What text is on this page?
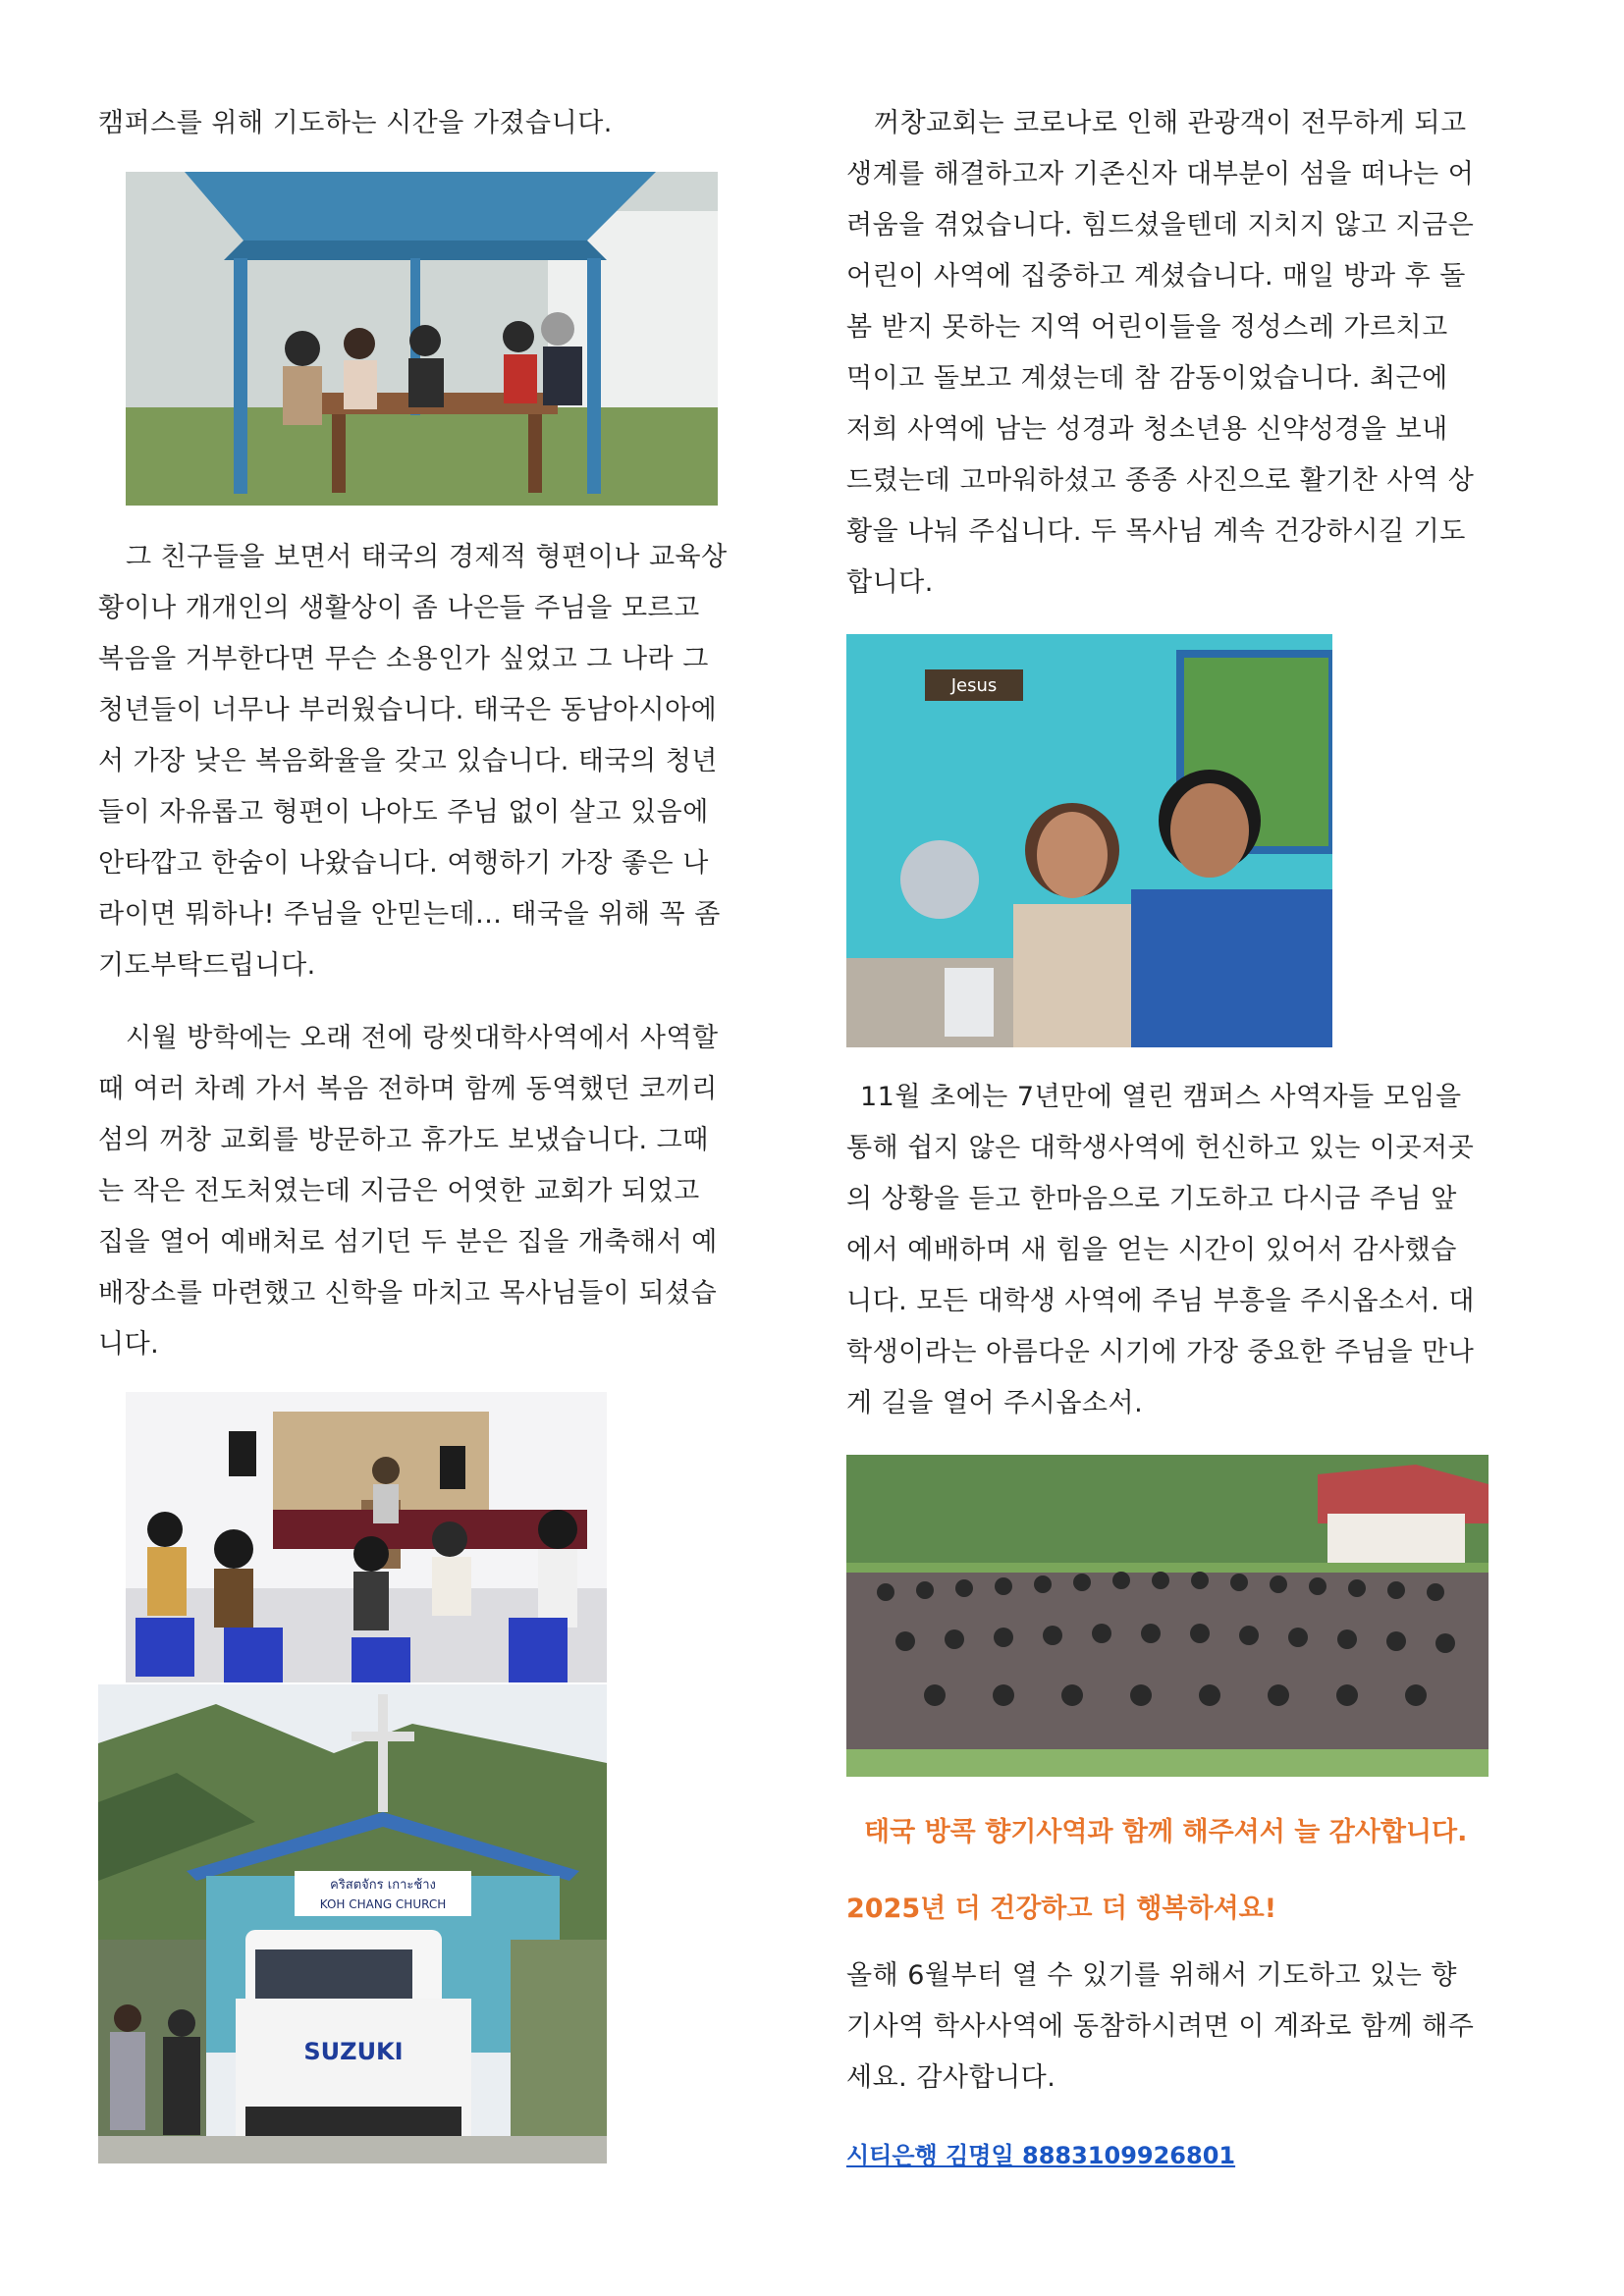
캠퍼스를 위해 기도하는 시간을 가졌습니다.
그 친구들을 보면서 태국의 경제적 형편이나 교육상
황이나 개개인의 생활상이 좀 나은들 주님을 모르고
복음을 거부한다면 무슨 소용인가 싶었고 그 나라 그
청년들이 너무나 부러웠습니다. 태국은 동남아시아에
서 가장 낮은 복음화율을 갖고 있습니다. 태국의 청년
들이 자유롭고 형편이 나아도 주님 없이 살고 있음에
안타깝고 한숨이 나왔습니다. 여행하기 가장 좋은 나
라이면 뭐하나! 주님을 안믿는데... 태국을 위해 꼭 좀
기도부탁드립니다.
시월 방학에는 오래 전에 랑씻대학사역에서 사역할
때 여러 차례 가서 복음 전하며 함께 동역했던 코끼리
섬의 꺼창 교회를 방문하고 휴가도 보냈습니다. 그때
는 작은 전도처였는데 지금은 어엿한 교회가 되었고
집을 열어 예배처로 섬기던 두 분은 집을 개축해서 예
배장소를 마련했고 신학을 마치고 목사님들이 되셨습
니다.
คริสตจักร เกาะช้าง
KOH CHANG CHURCH
SUZUKI
꺼창교회는 코로나로 인해 관광객이 전무하게 되고
생계를 해결하고자 기존신자 대부분이 섬을 떠나는 어
려움을 겪었습니다. 힘드셨을텐데 지치지 않고 지금은
어린이 사역에 집중하고 계셨습니다. 매일 방과 후 돌
봄 받지 못하는 지역 어린이들을 정성스레 가르치고
먹이고 돌보고 계셨는데 참 감동이었습니다. 최근에
저희 사역에 남는 성경과 청소년용 신약성경을 보내
드렸는데 고마워하셨고 종종 사진으로 활기찬 사역 상
황을 나눠 주십니다. 두 목사님 계속 건강하시길 기도
합니다.
Jesus
11월 초에는 7년만에 열린 캠퍼스 사역자들 모임을
통해 쉽지 않은 대학생사역에 헌신하고 있는 이곳저곳
의 상황을 듣고 한마음으로 기도하고 다시금 주님 앞
에서 예배하며 새 힘을 얻는 시간이 있어서 감사했습
니다. 모든 대학생 사역에 주님 부흥을 주시옵소서. 대
학생이라는 아름다운 시기에 가장 중요한 주님을 만나
게 길을 열어 주시옵소서.
태국 방콕 향기사역과 함께 해주셔서 늘 감사합니다.
2025년 더 건강하고 더 행복하셔요!
올해 6월부터 열 수 있기를 위해서 기도하고 있는 향
기사역 학사사역에 동참하시려면 이 계좌로 함께 해주
세요. 감사합니다.
시티은행 김명일 8883109926801
